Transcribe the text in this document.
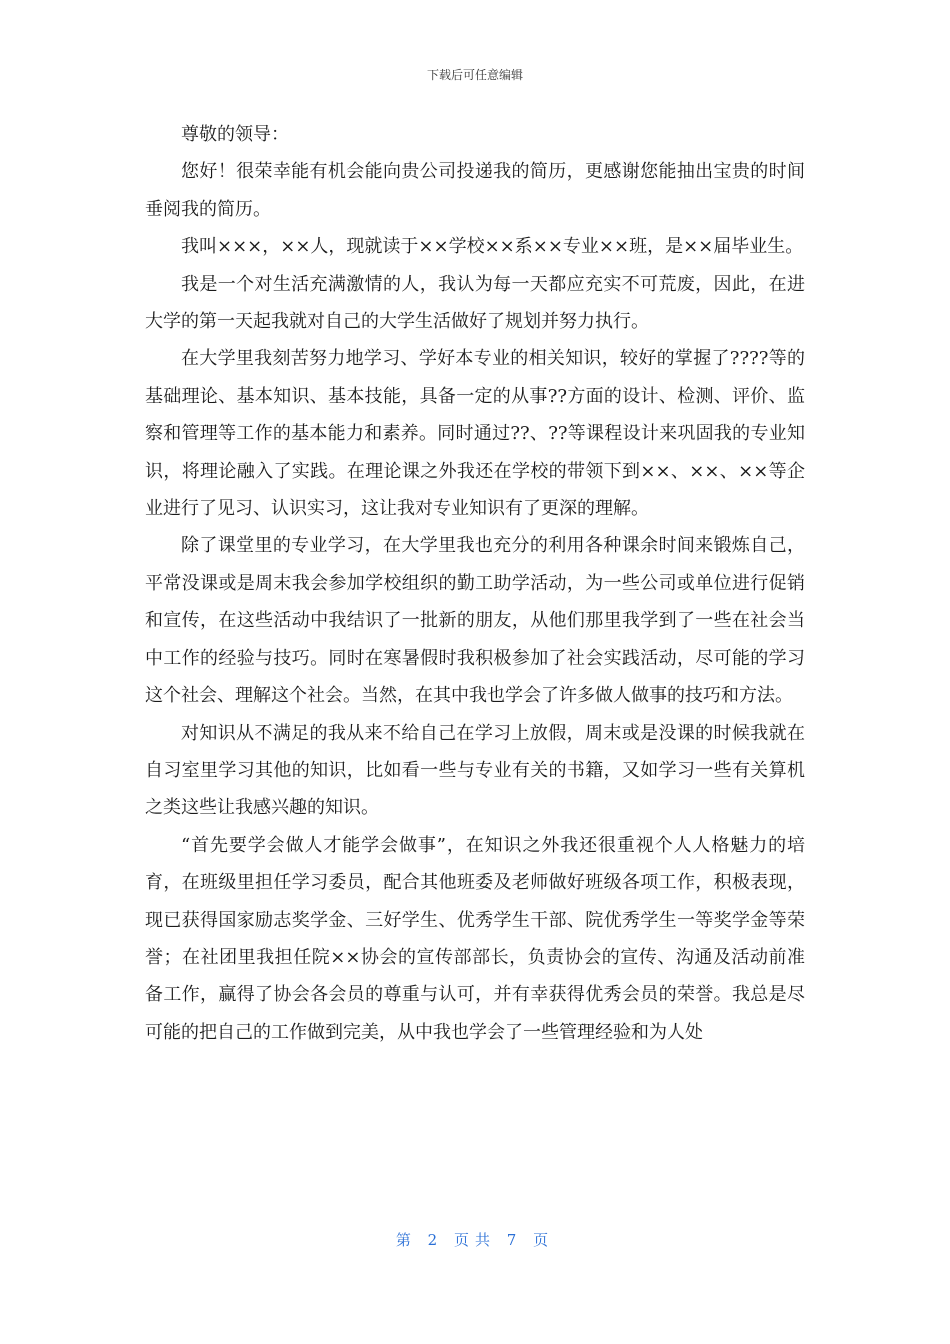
下载后可任意编辑

尊敬的领导：

您好！很荣幸能有机会能向贵公司投递我的简历，更感谢您能抽出宝贵的时间垂阅我的简历。

我叫×××，××人，现就读于××学校××系××专业××班，是××届毕业生。

我是一个对生活充满激情的人，我认为每一天都应充实不可荒废，因此，在进大学的第一天起我就对自己的大学生活做好了规划并努力执行。

在大学里我刻苦努力地学习、学好本专业的相关知识，较好的掌握了????等的基础理论、基本知识、基本技能，具备一定的从事??方面的设计、检测、评价、监察和管理等工作的基本能力和素养。同时通过??、??等课程设计来巩固我的专业知识，将理论融入了实践。在理论课之外我还在学校的带领下到××、××、××等企业进行了见习、认识实习，这让我对专业知识有了更深的理解。

除了课堂里的专业学习，在大学里我也充分的利用各种课余时间来锻炼自己，平常没课或是周末我会参加学校组织的勤工助学活动，为一些公司或单位进行促销和宣传，在这些活动中我结识了一批新的朋友，从他们那里我学到了一些在社会当中工作的经验与技巧。同时在寒暑假时我积极参加了社会实践活动，尽可能的学习这个社会、理解这个社会。当然，在其中我也学会了许多做人做事的技巧和方法。

对知识从不满足的我从来不给自己在学习上放假，周末或是没课的时候我就在自习室里学习其他的知识，比如看一些与专业有关的书籍，又如学习一些有关算机之类这些让我感兴趣的知识。

“首先要学会做人才能学会做事”，在知识之外我还很重视个人人格魅力的培育，在班级里担任学习委员，配合其他班委及老师做好班级各项工作，积极表现，现已获得国家励志奖学金、三好学生、优秀学生干部、院优秀学生一等奖学金等荣誉；在社团里我担任院××协会的宣传部部长，负责协会的宣传、沟通及活动前准备工作，赢得了协会各会员的尊重与认可，并有幸获得优秀会员的荣誉。我总是尽可能的把自己的工作做到完美，从中我也学会了一些管理经验和为人处

第 2 页共 7 页
